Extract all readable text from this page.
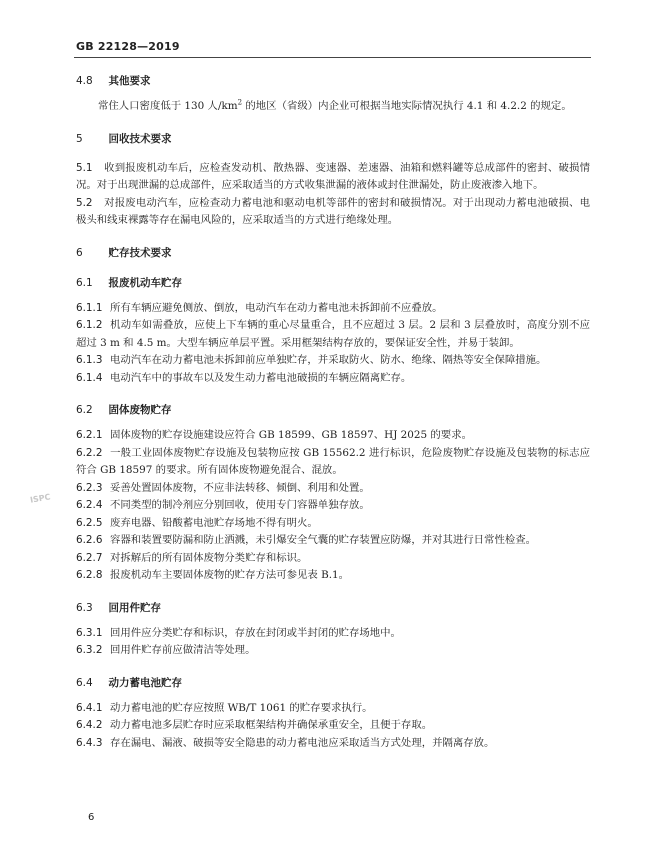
GB 22128—2019
ISPC

4.8　 其他要求

常住人口密度低于 130 人$/km^2$ 的地区（省级）内企业可根据当地实际情况执行 4.1 和 4.2.2 的规定。

5　 回收技术要求

5.1 收到报废机动车后，应检查发动机、散热器、变速器、差速器、油箱和燃料罐等总成部件的密封、破损情况。对于出现泄漏的总成部件，应采取适当的方式收集泄漏的液体或封住泄漏处，防止废液渗入地下。

5.2 对报废电动汽车，应检查动力蓄电池和驱动电机等部件的密封和破损情况。对于出现动力蓄电池破损、电极头和线束裸露等存在漏电风险的，应采取适当的方式进行绝缘处理。

6　 贮存技术要求

6.1　 报废机动车贮存

6.1.1 所有车辆应避免侧放、倒放，电动汽车在动力蓄电池未拆卸前不应叠放。

6.1.2 机动车如需叠放，应使上下车辆的重心尽量重合，且不应超过 3 层。2 层和 3 层叠放时，高度分别不应超过 3 m 和 4.5 m。大型车辆应单层平置。采用框架结构存放的，要保证安全性，并易于装卸。

6.1.3 电动汽车在动力蓄电池未拆卸前应单独贮存，并采取防火、防水、绝缘、隔热等安全保障措施。

6.1.4 电动汽车中的事故车以及发生动力蓄电池破损的车辆应隔离贮存。

6.2　 固体废物贮存

6.2.1 固体废物的贮存设施建设应符合 GB 18599、GB 18597、HJ 2025 的要求。

6.2.2 一般工业固体废物贮存设施及包装物应按 GB 15562.2 进行标识，危险废物贮存设施及包装物的标志应符合 GB 18597 的要求。所有固体废物避免混合、混放。

6.2.3 妥善处置固体废物，不应非法转移、倾倒、利用和处置。

6.2.4 不同类型的制冷剂应分别回收，使用专门容器单独存放。

6.2.5 废弃电器、铅酸蓄电池贮存场地不得有明火。

6.2.6 容器和装置要防漏和防止洒溅，未引爆安全气囊的贮存装置应防爆，并对其进行日常性检查。

6.2.7 对拆解后的所有固体废物分类贮存和标识。

6.2.8 报废机动车主要固体废物的贮存方法可参见表 B.1。

6.3　 回用件贮存

6.3.1 回用件应分类贮存和标识，存放在封闭或半封闭的贮存场地中。

6.3.2 回用件贮存前应做清洁等处理。

6.4　 动力蓄电池贮存

6.4.1 动力蓄电池的贮存应按照 WB/T 1061 的贮存要求执行。

6.4.2 动力蓄电池多层贮存时应采取框架结构并确保承重安全，且便于存取。

6.4.3 存在漏电、漏液、破损等安全隐患的动力蓄电池应采取适当方式处理，并隔离存放。

6
